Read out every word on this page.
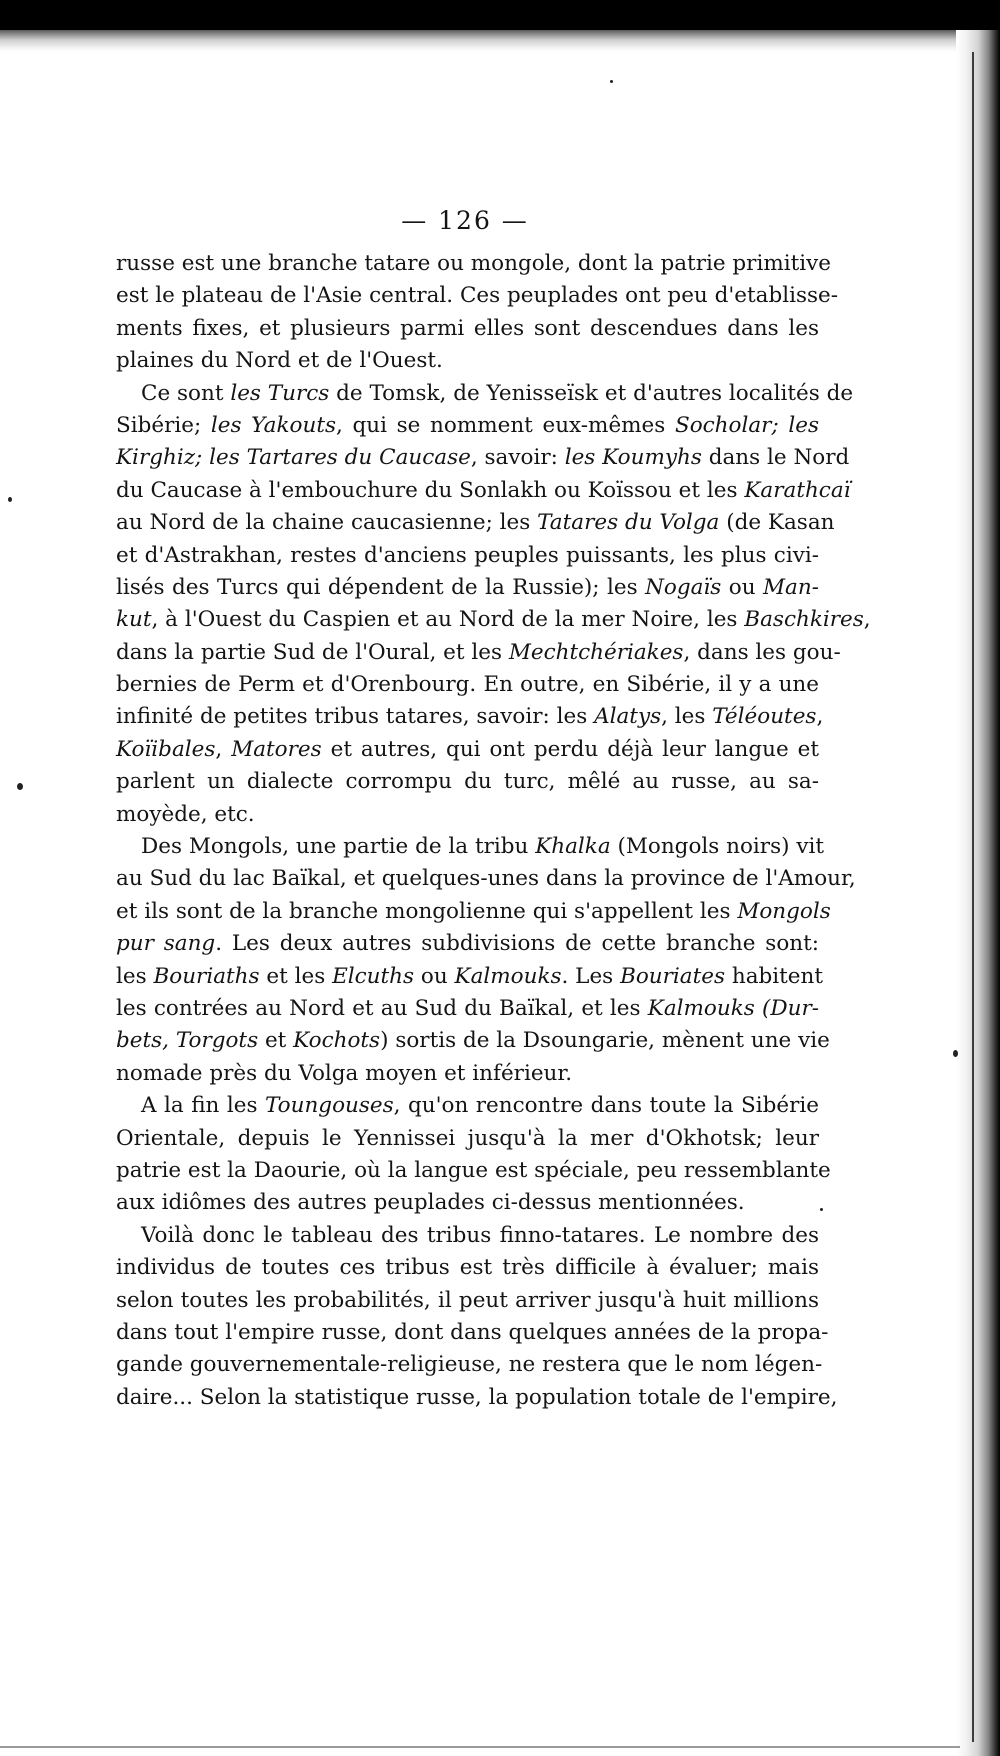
— 126 —
russe est une branche tatare ou mongole, dont la patrie primitive
est le plateau de l'Asie central. Ces peuplades ont peu d'etablisse-
ments fixes, et plusieurs parmi elles sont descendues dans les
plaines du Nord et de l'Ouest.
Ce sont les Turcs de Tomsk, de Yenisseïsk et d'autres localités de
Sibérie; les Yakouts, qui se nomment eux-mêmes Socholar; les
Kirghiz; les Tartares du Caucase, savoir: les Koumyhs dans le Nord
du Caucase à l'embouchure du Sonlakh ou Koïssou et les Karathcaï
au Nord de la chaine caucasienne; les Tatares du Volga (de Kasan
et d'Astrakhan, restes d'anciens peuples puissants, les plus civi-
lisés des Turcs qui dépendent de la Russie); les Nogaïs ou Man-
kut, à l'Ouest du Caspien et au Nord de la mer Noire, les Baschkires,
dans la partie Sud de l'Oural, et les Mechtchériakes, dans les gou-
bernies de Perm et d'Orenbourg. En outre, en Sibérie, il y a une
infinité de petites tribus tatares, savoir: les Alatys, les Téléoutes,
Koïibales, Matores et autres, qui ont perdu déjà leur langue et
parlent un dialecte corrompu du turc, mêlé au russe, au sa-
moyède, etc.
Des Mongols, une partie de la tribu Khalka (Mongols noirs) vit
au Sud du lac Baïkal, et quelques-unes dans la province de l'Amour,
et ils sont de la branche mongolienne qui s'appellent les Mongols
pur sang. Les deux autres subdivisions de cette branche sont:
les Bouriaths et les Elcuths ou Kalmouks. Les Bouriates habitent
les contrées au Nord et au Sud du Baïkal, et les Kalmouks (Dur-
bets, Torgots et Kochots) sortis de la Dsoungarie, mènent une vie
nomade près du Volga moyen et inférieur.
A la fin les Toungouses, qu'on rencontre dans toute la Sibérie
Orientale, depuis le Yennissei jusqu'à la mer d'Okhotsk; leur
patrie est la Daourie, où la langue est spéciale, peu ressemblante
aux idiômes des autres peuplades ci-dessus mentionnées.
Voilà donc le tableau des tribus finno-tatares. Le nombre des
individus de toutes ces tribus est très difficile à évaluer; mais
selon toutes les probabilités, il peut arriver jusqu'à huit millions
dans tout l'empire russe, dont dans quelques années de la propa-
gande gouvernementale-religieuse, ne restera que le nom légen-
daire... Selon la statistique russe, la population totale de l'empire,
